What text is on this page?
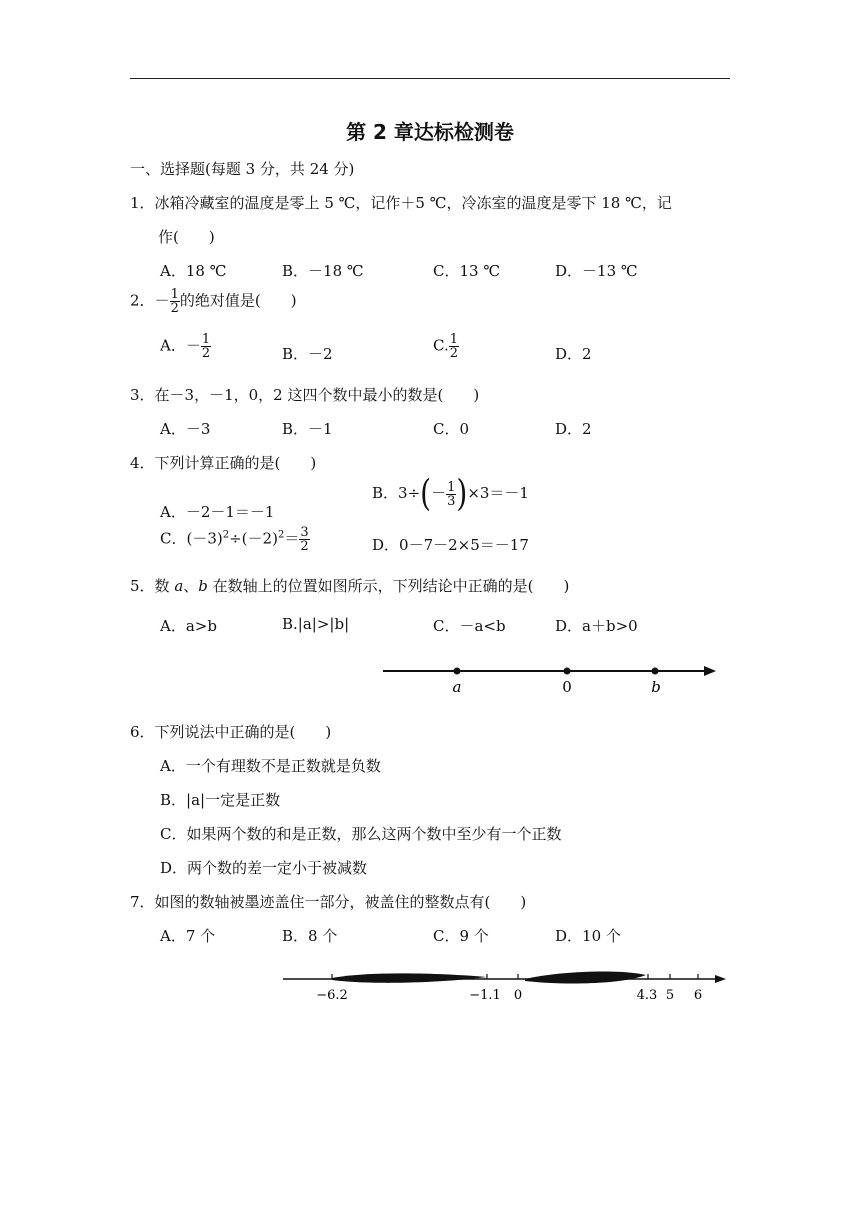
第 2 章达标检测卷
一、选择题(每题 3 分，共 24 分)
1．冰箱冷藏室的温度是零上 5 ℃，记作＋5 ℃，冷冻室的温度是零下 18 ℃，记
作(　　)
A．18 ℃	B．－18 ℃	C．13 ℃	D．－13 ℃
2．－ $\frac{1}{2}$ 的绝对值是(　　)
A．－ $\frac{1}{2}$	B．－2	C. $\frac{1}{2}$	D．2
3．在－3，－1，0，2 这四个数中最小的数是(　　)
A．－3	B．－1	C．0	D．2
4．下列计算正确的是(　　)
A．－2－1＝－1
B．$3\div(- \frac{1}{3} )\times 3=-1$
C．$(-3)^2\div(-2)^2= \frac{3}{2}$	D．0－7－2×5＝－17
5．数 a、b 在数轴上的位置如图所示，下列结论中正确的是(　　)
A．a>b	B.|a|>|b|	C．－a<b	D．a＋b>0
a	0	b
6．下列说法中正确的是(　　)
A．一个有理数不是正数就是负数
B．|a|一定是正数
C．如果两个数的和是正数，那么这两个数中至少有一个正数
D．两个数的差一定小于被减数
7．如图的数轴被墨迹盖住一部分，被盖住的整数点有(　　)
A．7 个	B．8 个	C．9 个	D．10 个
−6.2	−1.1 0	4.3 5 6
